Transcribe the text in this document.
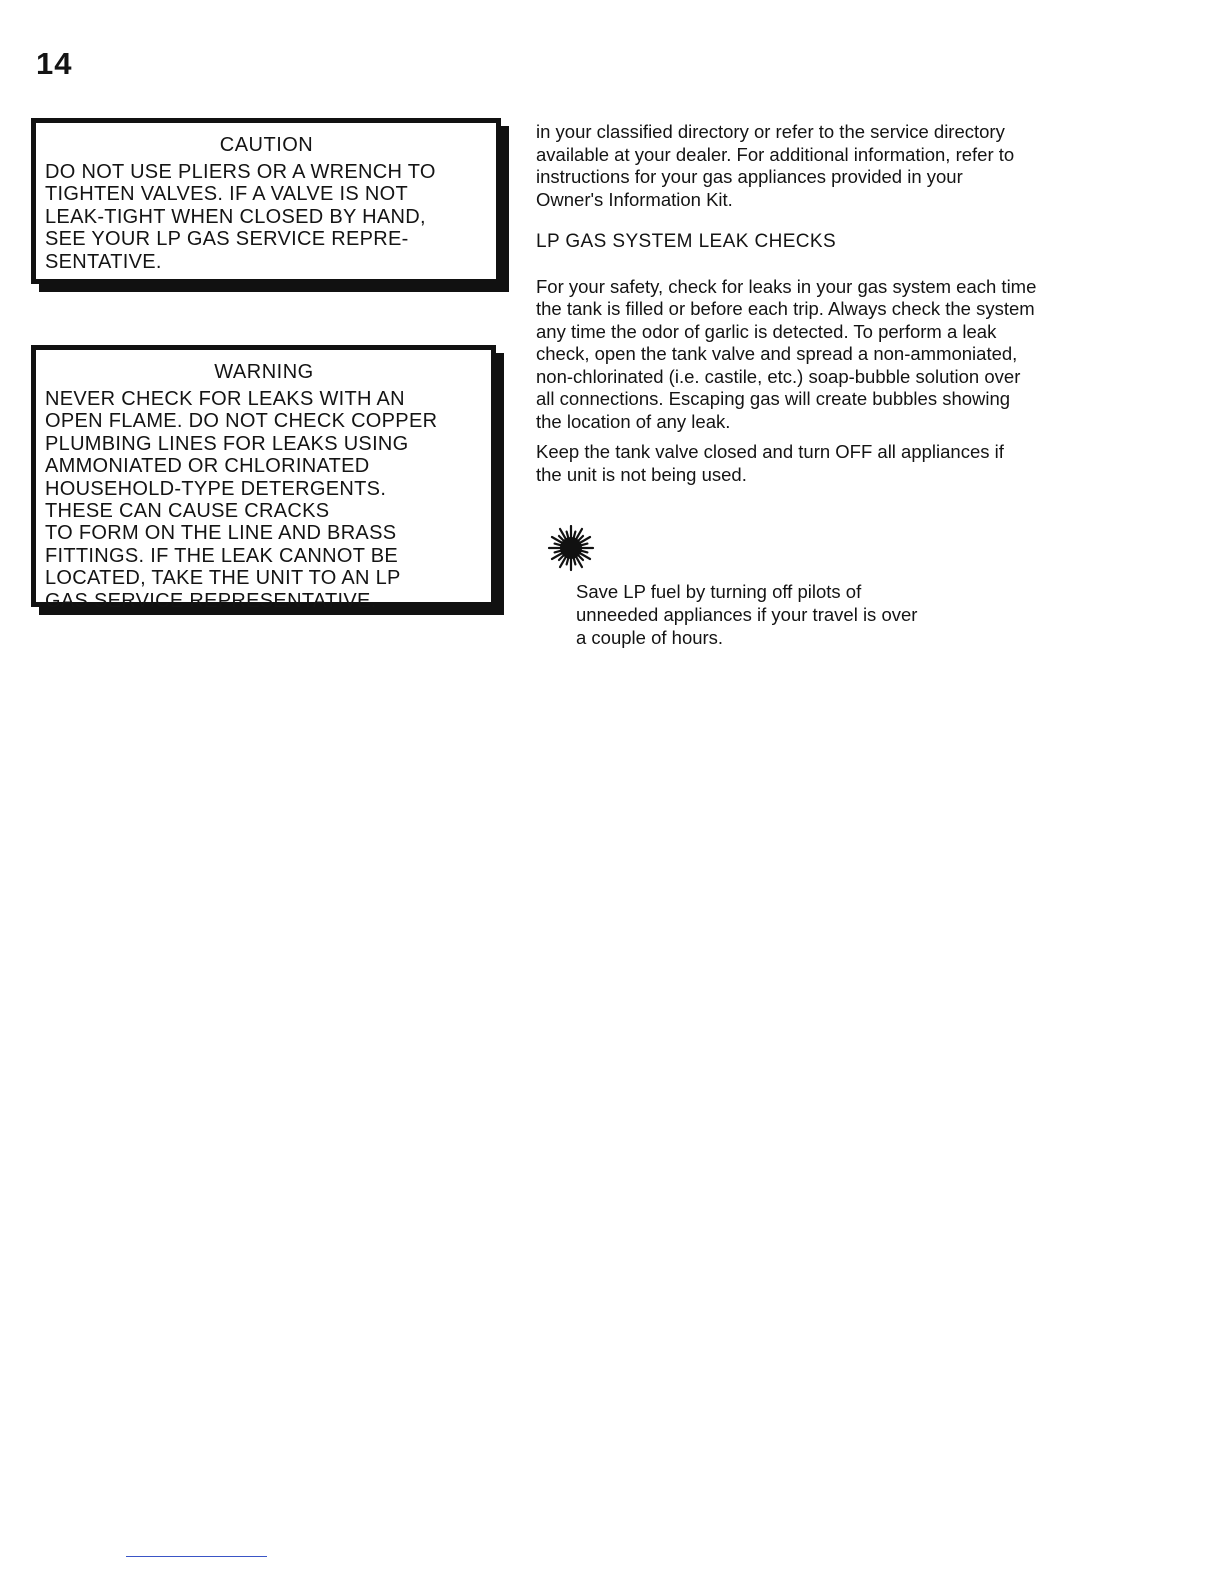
14
CAUTION
DO NOT USE PLIERS OR A WRENCH TO
TIGHTEN VALVES. IF A VALVE IS NOT
LEAK-TIGHT WHEN CLOSED BY HAND,
SEE YOUR LP GAS SERVICE REPRE-
SENTATIVE.
WARNING
NEVER CHECK FOR LEAKS WITH AN
OPEN FLAME. DO NOT CHECK COPPER
PLUMBING LINES FOR LEAKS USING
AMMONIATED OR CHLORINATED
HOUSEHOLD-TYPE DETERGENTS.
THESE CAN CAUSE CRACKS
TO FORM ON THE LINE AND BRASS
FITTINGS. IF THE LEAK CANNOT BE
LOCATED, TAKE THE UNIT TO AN LP
GAS SERVICE REPRESENTATIVE.

in your classified directory or refer to the service directory
available at your dealer. For additional information, refer to
instructions for your gas appliances provided in your
Owner's Information Kit.

LP GAS SYSTEM LEAK CHECKS

For your safety, check for leaks in your gas system each time
the tank is filled or before each trip. Always check the system
any time the odor of garlic is detected. To perform a leak
check, open the tank valve and spread a non-ammoniated,
non-chlorinated (i.e. castile, etc.) soap-bubble solution over
all connections. Escaping gas will create bubbles showing
the location of any leak.

Keep the tank valve closed and turn OFF all appliances if
the unit is not being used.

Save LP fuel by turning off pilots of
unneeded appliances if your travel is over
a couple of hours.
